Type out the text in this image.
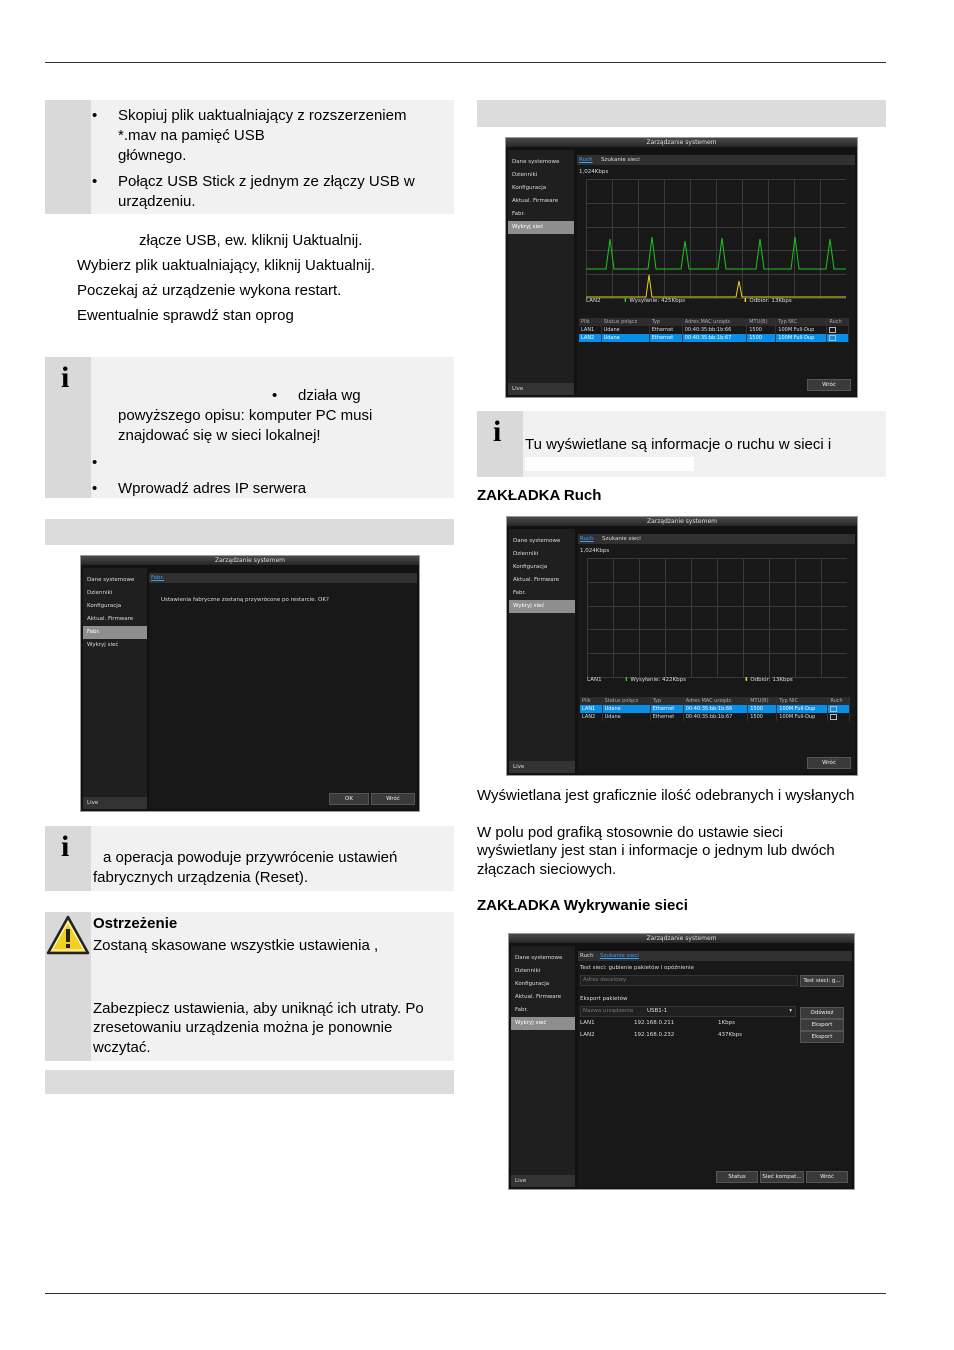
• Skopiuj plik uaktualniający z rozszerzeniem
*.mav na pamięć USB
głównego.
• Połącz USB Stick z jednym ze złączy USB w
urządzeniu.
złącze USB, ew. kliknij Uaktualnij.
Wybierz plik uaktualniający, kliknij Uaktualnij.
Poczekaj aż urządzenie wykona restart.
Ewentualnie sprawdź stan oprog
i
• działa wg
powyższego opisu: komputer PC musi
znajdować się w sieci lokalnej!
•
• Wprowadź adres IP serwera
Zarządzanie systemem
Dane systemowe
Dzienniki
Konfiguracja
Aktual. Firmware
Fabr.
Wykryj sieć
Live
Fabr.
Ustawienia fabryczne zostaną przywrócone po restarcie. OK?
OK	Wróć
i a operacja powoduje przywrócenie ustawień
fabrycznych urządzenia (Reset).
Ostrzeżenie
Zostaną skasowane wszystkie ustawienia ,
Zabezpiecz ustawienia, aby uniknąć ich utraty. Po
zresetowaniu urządzenia można je ponownie
wczytać.
Zarządzanie systemem
Dane systemowe
Dzienniki
Konfiguracja
Aktual. Firmware
Fabr.
Wykryj sieć
Live
Ruch Szukanie sieci
1,024Kbps
LAN2	⬆ Wysyłanie: 425Kbps	⬇ Odbiór: 13Kbps
Plik	Status połącz	Typ	Adres MAC urządz.	MTU(B)	Typ NIC	Ruch
LAN1	Udane	Ethernet	00:40:35:bb:1b:66	1500	100M Full-Dup	
LAN2	Udane	Ethernet	00:40:35:bb:1b:67	1500	100M Full-Dup	
Wróć
i Tu wyświetlane są informacje o ruchu w sieci i
ZAKŁADKA Ruch
Zarządzanie systemem
Dane systemowe
Dzienniki
Konfiguracja
Aktual. Firmware
Fabr.
Wykryj sieć
Live
Ruch Szukanie sieci
1,024Kbps
LAN1	⬆ Wysyłanie: 422Kbps	⬇ Odbiór: 13Kbps
Plik	Status połącz	Typ	Adres MAC urządz.	MTU(B)	Typ NIC	Ruch
LAN1	Udane	Ethernet	00:40:35:bb:1b:66	1500	100M Full-Dup	
LAN2	Udane	Ethernet	00:40:35:bb:1b:67	1500	100M Full-Dup	
Wróć
Wyświetlana jest graficznie ilość odebranych i wysłanych
W polu pod grafiką stosownie do ustawie sieci
wyświetlany jest stan i informacje o jednym lub dwóch
złączach sieciowych.
ZAKŁADKA Wykrywanie sieci
Zarządzanie systemem
Dane systemowe
Dzienniki
Konfiguracja
Aktual. Firmware
Fabr.
Wykryj sieć
Live
Ruch Szukanie sieci
Test sieci: gubienie pakietów i opóźnienie
Adres docelowy	Test sieci: g...
Eksport pakietów
Nazwa urządzenia	USB1-1	▾	Odśwież
LAN1	192.168.0.211	1Kbps	Eksport
LAN2	192.168.0.232	437Kbps	Eksport
Status	Sieć kompat...	Wróć
